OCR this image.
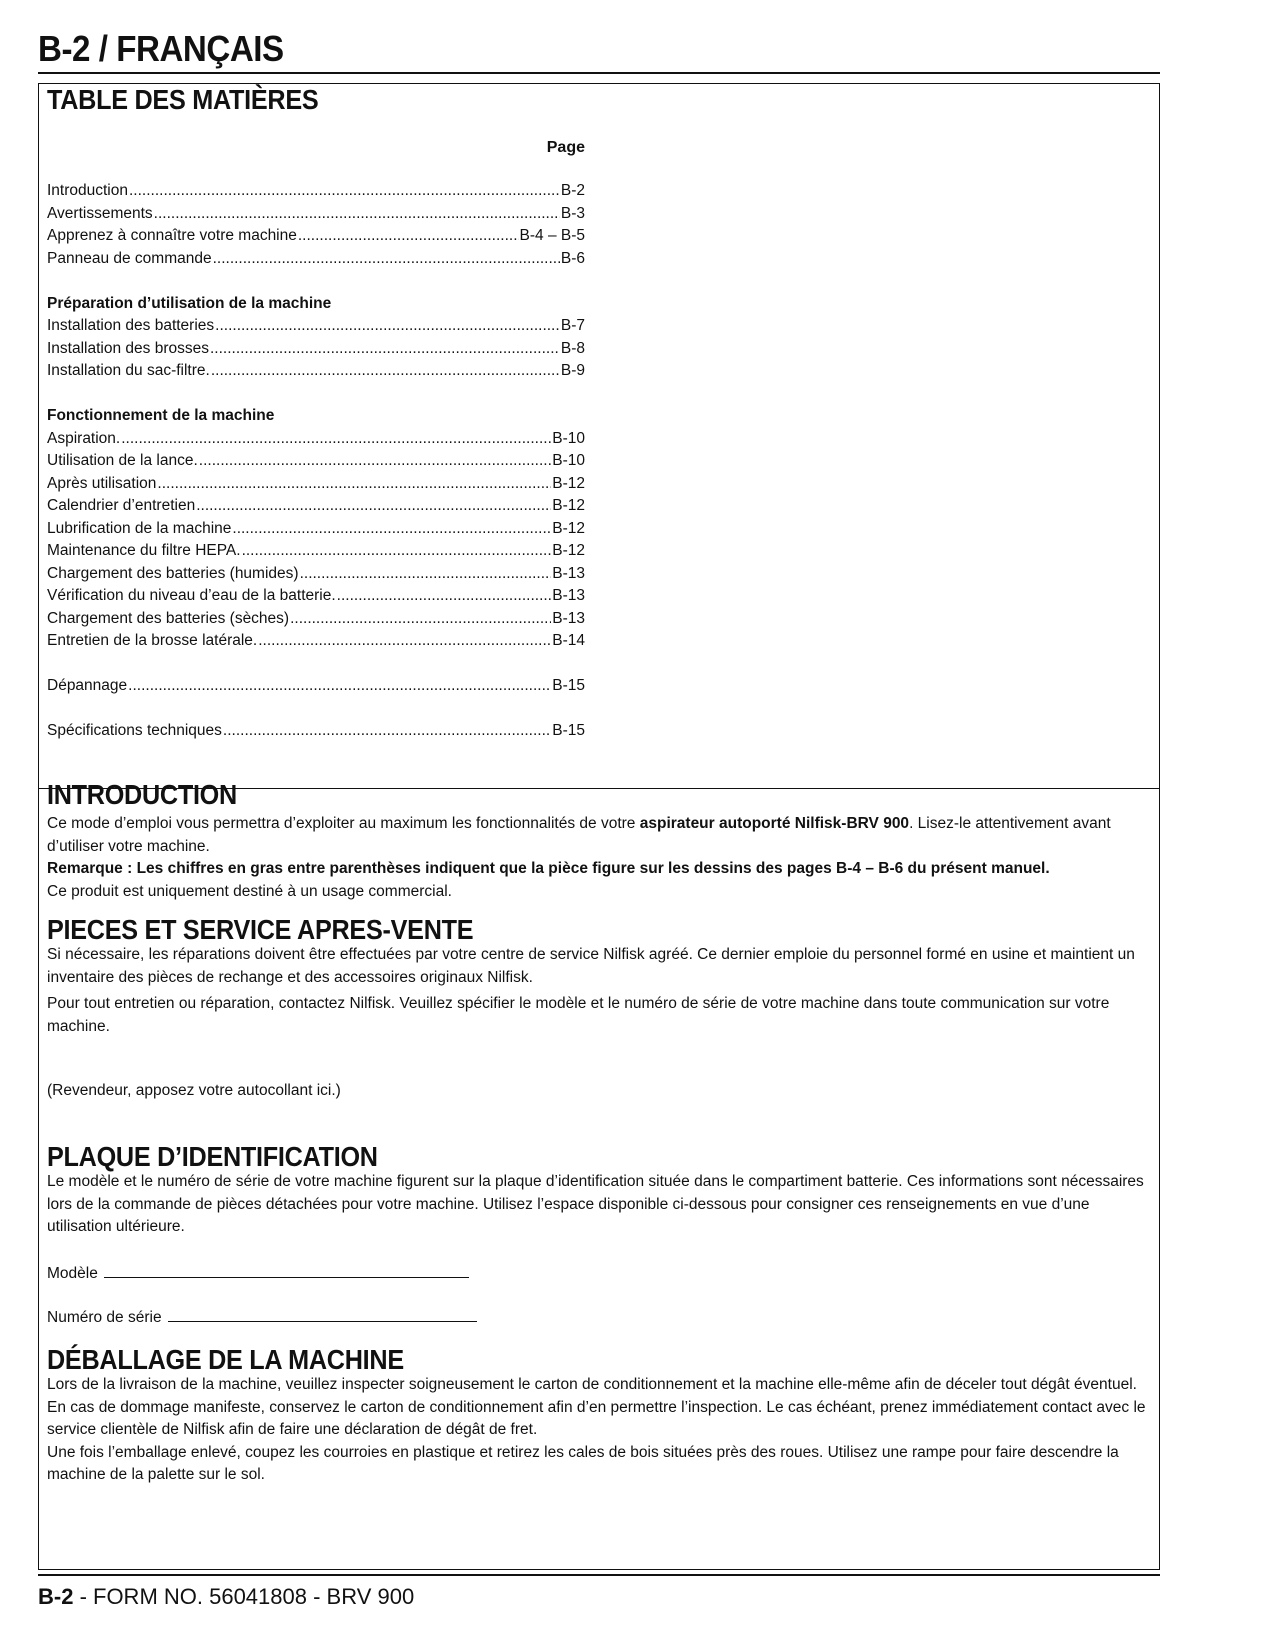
B-2 / FRANÇAIS
TABLE DES MATIÈRES
Page
Introduction .....	B-2
Avertissements .....	B-3
Apprenez à connaître votre machine .....	B-4 – B-5
Panneau de commande .....	B-6
Préparation d’utilisation de la machine
Installation des batteries .....	B-7
Installation des brosses .....	B-8
Installation du sac-filtre. .....	B-9
Fonctionnement de la machine
Aspiration. .....	B-10
Utilisation de la lance. .....	B-10
Après utilisation .....	B-12
Calendrier d’entretien .....	B-12
Lubrification de la machine .....	B-12
Maintenance du filtre HEPA. .....	B-12
Chargement des batteries (humides) .....	B-13
Vérification du niveau d’eau de la batterie. .....	B-13
Chargement des batteries (sèches) .....	B-13
Entretien de la brosse latérale. .....	B-14
Dépannage .....	B-15
Spécifications techniques .....	B-15
INTRODUCTION

Ce mode d’emploi vous permettra d’exploiter au maximum les fonctionnalités de votre aspirateur autoporté Nilfisk-BRV 900. Lisez-le attentivement avant d’utiliser votre machine.

Remarque : Les chiffres en gras entre parenthèses indiquent que la pièce figure sur les dessins des pages B-4 – B-6 du présent manuel.

Ce produit est uniquement destiné à un usage commercial.

PIECES ET SERVICE APRES-VENTE

Si nécessaire, les réparations doivent être effectuées par votre centre de service Nilfisk agréé. Ce dernier emploie du personnel formé en usine et maintient un inventaire des pièces de rechange et des accessoires originaux Nilfisk.

Pour tout entretien ou réparation, contactez Nilfisk. Veuillez spécifier le modèle et le numéro de série de votre machine dans toute communication sur votre machine.

(Revendeur, apposez votre autocollant ici.)

PLAQUE D’IDENTIFICATION

Le modèle et le numéro de série de votre machine figurent sur la plaque d’identification située dans le compartiment batterie. Ces informations sont nécessaires lors de la commande de pièces détachées pour votre machine. Utilisez l’espace disponible ci-dessous pour consigner ces renseignements en vue d’une utilisation ultérieure.

Modèle

Numéro de série

DÉBALLAGE DE LA MACHINE

Lors de la livraison de la machine, veuillez inspecter soigneusement le carton de conditionnement et la machine elle-même afin de déceler tout dégât éventuel. En cas de dommage manifeste, conservez le carton de conditionnement afin d’en permettre l’inspection. Le cas échéant, prenez immédiatement contact avec le service clientèle de Nilfisk afin de faire une déclaration de dégât de fret.

Une fois l’emballage enlevé, coupez les courroies en plastique et retirez les cales de bois situées près des roues. Utilisez une rampe pour faire descendre la machine de la palette sur le sol.

B-2 - FORM NO. 56041808 - BRV 900
